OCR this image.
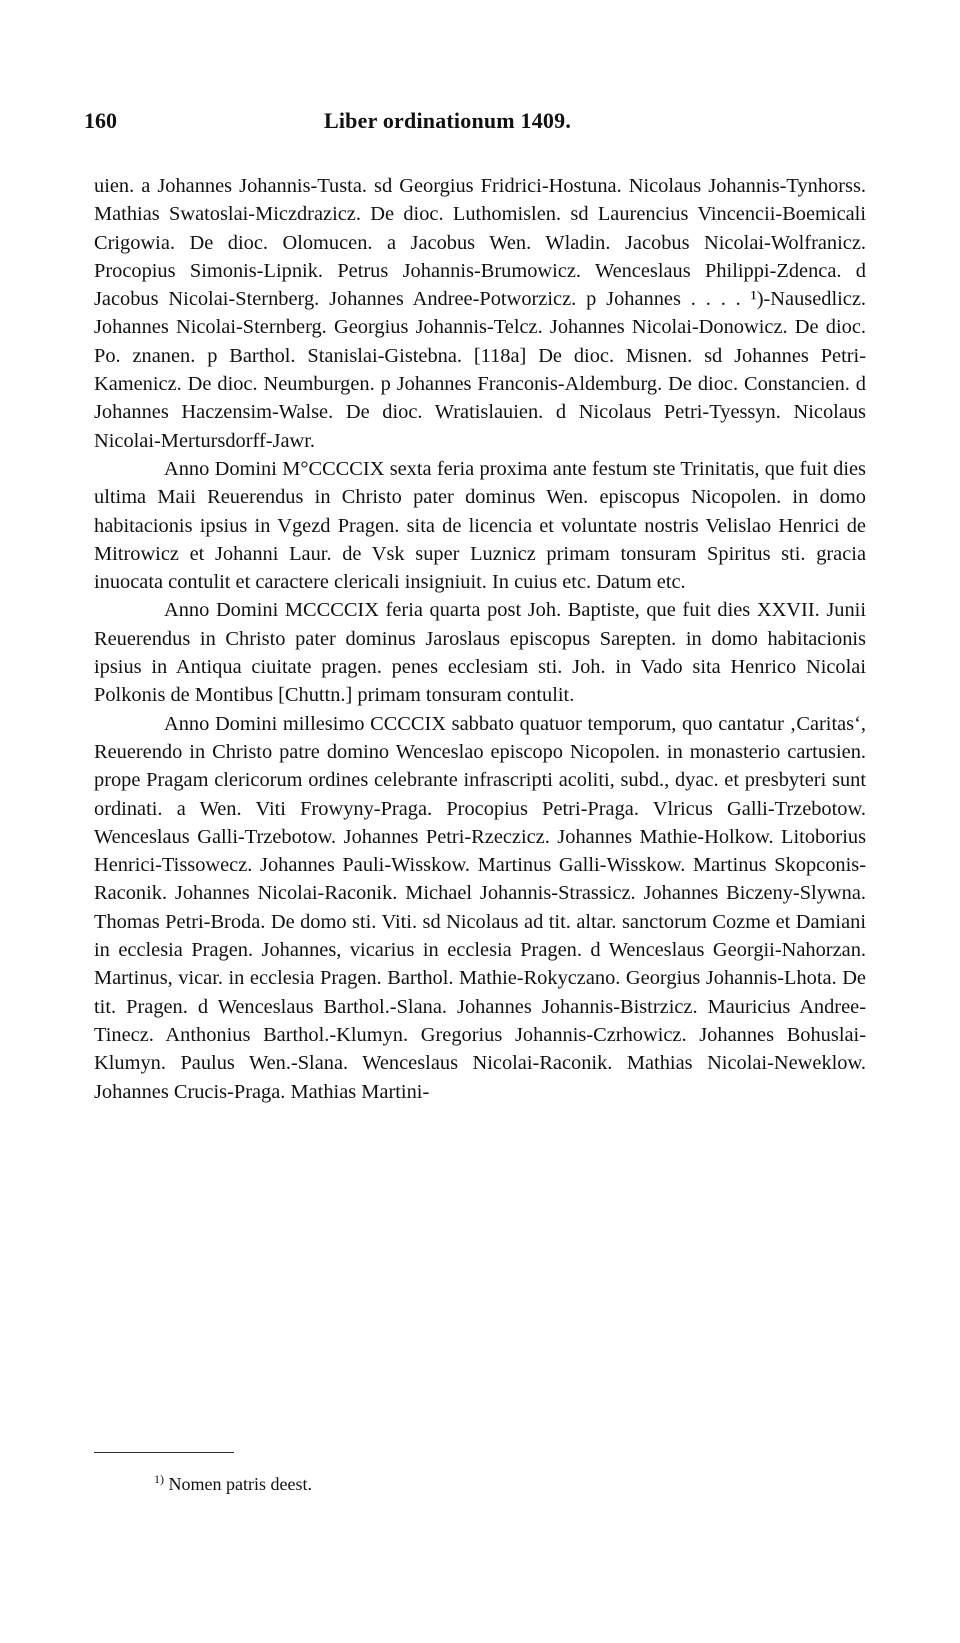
160	Liber ordinationum 1409.

uien. a Johannes Johannis-Tusta. sd Georgius Fridrici-Hostuna. Nicolaus Johannis-Tynhorss. Mathias Swatoslai-Miczdrazicz. De dioc. Luthomislen. sd Laurencius Vincencii-Boemicali Crigowia. De dioc. Olomucen. a Jacobus Wen. Wladin. Jacobus Nicolai-Wolfranicz. Procopius Simonis-Lipnik. Petrus Johannis-Brumowicz. Wenceslaus Philippi-Zdenca. d Jacobus Nicolai-Sternberg. Johannes Andree-Potworzicz. p Johannes . . . . ¹)-Nausedlicz. Johannes Nicolai-Sternberg. Georgius Johannis-Telcz. Johannes Nicolai-Donowicz. De dioc. Po. znanen. p Barthol. Stanislai-Gistebna. [118a] De dioc. Misnen. sd Johannes Petri-Kamenicz. De dioc. Neumburgen. p Johannes Franconis-Aldemburg. De dioc. Constancien. d Johannes Haczensim-Walse. De dioc. Wratislauien. d Nicolaus Petri-Tyessyn. Nicolaus Nicolai-Mertursdorff-Jawr.

Anno Domini M°CCCCIX sexta feria proxima ante festum ste Trinitatis, que fuit dies ultima Maii Reuerendus in Christo pater dominus Wen. episcopus Nicopolen. in domo habitacionis ipsius in Vgezd Pragen. sita de licencia et voluntate nostris Velislao Henrici de Mitrowicz et Johanni Laur. de Vsk super Luznicz primam tonsuram Spiritus sti. gracia inuocata contulit et caractere clericali insigniuit. In cuius etc. Datum etc.

Anno Domini MCCCCIX feria quarta post Joh. Baptiste, que fuit dies XXVII. Junii Reuerendus in Christo pater dominus Jaroslaus episcopus Sarepten. in domo habitacionis ipsius in Antiqua ciuitate pragen. penes ecclesiam sti. Joh. in Vado sita Henrico Nicolai Polkonis de Montibus [Chuttn.] primam tonsuram contulit.

Anno Domini millesimo CCCCIX sabbato quatuor temporum, quo cantatur ‚Caritas‘, Reuerendo in Christo patre domino Wenceslao episcopo Nicopolen. in monasterio cartusien. prope Pragam clericorum ordines celebrante infrascripti acoliti, subd., dyac. et presbyteri sunt ordinati. a Wen. Viti Frowyny-Praga. Procopius Petri-Praga. Vlricus Galli-Trzebotow. Wenceslaus Galli-Trzebotow. Johannes Petri-Rzeczicz. Johannes Mathie-Holkow. Litoborius Henrici-Tissowecz. Johannes Pauli-Wisskow. Martinus Galli-Wisskow. Martinus Skopconis-Raconik. Johannes Nicolai-Raconik. Michael Johannis-Strassicz. Johannes Biczeny-Slywna. Thomas Petri-Broda. De domo sti. Viti. sd Nicolaus ad tit. altar. sanctorum Cozme et Damiani in ecclesia Pragen. Johannes, vicarius in ecclesia Pragen. d Wenceslaus Georgii-Nahorzan. Martinus, vicar. in ecclesia Pragen. Barthol. Mathie-Rokyczano. Georgius Johannis-Lhota. De tit. Pragen. d Wenceslaus Barthol.-Slana. Johannes Johannis-Bistrzicz. Mauricius Andree-Tinecz. Anthonius Barthol.-Klumyn. Gregorius Johannis-Czrhowicz. Johannes Bohuslai-Klumyn. Paulus Wen.-Slana. Wenceslaus Nicolai-Raconik. Mathias Nicolai-Neweklow. Johannes Crucis-Praga. Mathias Martini-

$^{1)}$ Nomen patris deest.
